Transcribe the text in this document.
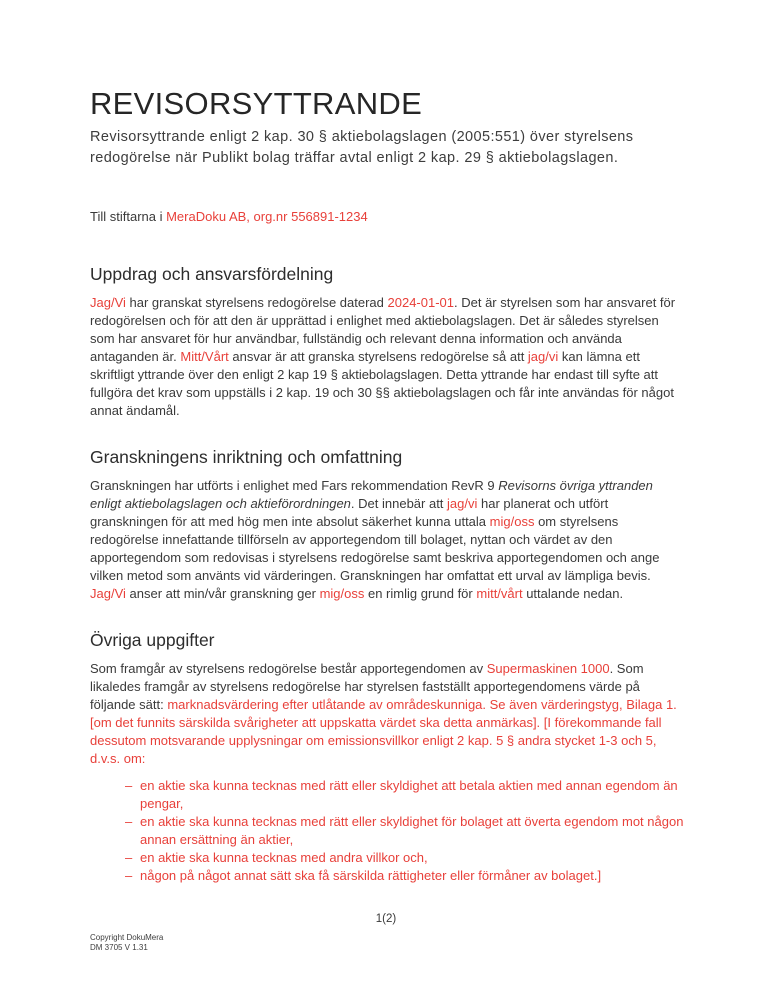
REVISORSYTTRANDE
Revisorsyttrande enligt 2 kap. 30 § aktiebolagslagen (2005:551) över styrelsens redogörelse när Publikt bolag träffar avtal enligt 2 kap. 29 § aktiebolagslagen.
Till stiftarna i MeraDoku AB, org.nr 556891-1234
Uppdrag och ansvarsfördelning
Jag/Vi har granskat styrelsens redogörelse daterad 2024-01-01. Det är styrelsen som har ansvaret för redogörelsen och för att den är upprättad i enlighet med aktiebolagslagen. Det är således styrelsen som har ansvaret för hur användbar, fullständig och relevant denna information och använda antaganden är. Mitt/Vårt ansvar är att granska styrelsens redogörelse så att jag/vi kan lämna ett skriftligt yttrande över den enligt 2 kap 19 § aktiebolagslagen. Detta yttrande har endast till syfte att fullgöra det krav som uppställs i 2 kap. 19 och 30 §§ aktiebolagslagen och får inte användas för något annat ändamål.
Granskningens inriktning och omfattning
Granskningen har utförts i enlighet med Fars rekommendation RevR 9 Revisorns övriga yttranden enligt aktiebolagslagen och aktieförordningen. Det innebär att jag/vi har planerat och utfört granskningen för att med hög men inte absolut säkerhet kunna uttala mig/oss om styrelsens redogörelse innefattande tillförseln av apportegendom till bolaget, nyttan och värdet av den apportegendom som redovisas i styrelsens redogörelse samt beskriva apportegendomen och ange vilken metod som använts vid värderingen. Granskningen har omfattat ett urval av lämpliga bevis. Jag/Vi anser att min/vår granskning ger mig/oss en rimlig grund för mitt/vårt uttalande nedan.
Övriga uppgifter
Som framgår av styrelsens redogörelse består apportegendomen av Supermaskinen 1000. Som likaledes framgår av styrelsens redogörelse har styrelsen fastställt apportegendomens värde på följande sätt: marknadsvärdering efter utlåtande av områdeskunniga. Se även värderingstyg, Bilaga 1. [om det funnits särskilda svårigheter att uppskatta värdet ska detta anmärkas]. [I förekommande fall dessutom motsvarande upplysningar om emissionsvillkor enligt 2 kap. 5 § andra stycket 1-3 och 5, d.v.s. om:
– en aktie ska kunna tecknas med rätt eller skyldighet att betala aktien med annan egendom än pengar,
– en aktie ska kunna tecknas med rätt eller skyldighet för bolaget att överta egendom mot någon annan ersättning än aktier,
– en aktie ska kunna tecknas med andra villkor och,
– någon på något annat sätt ska få särskilda rättigheter eller förmåner av bolaget.]
1(2)
Copyright DokuMera
DM 3705 V 1.31
